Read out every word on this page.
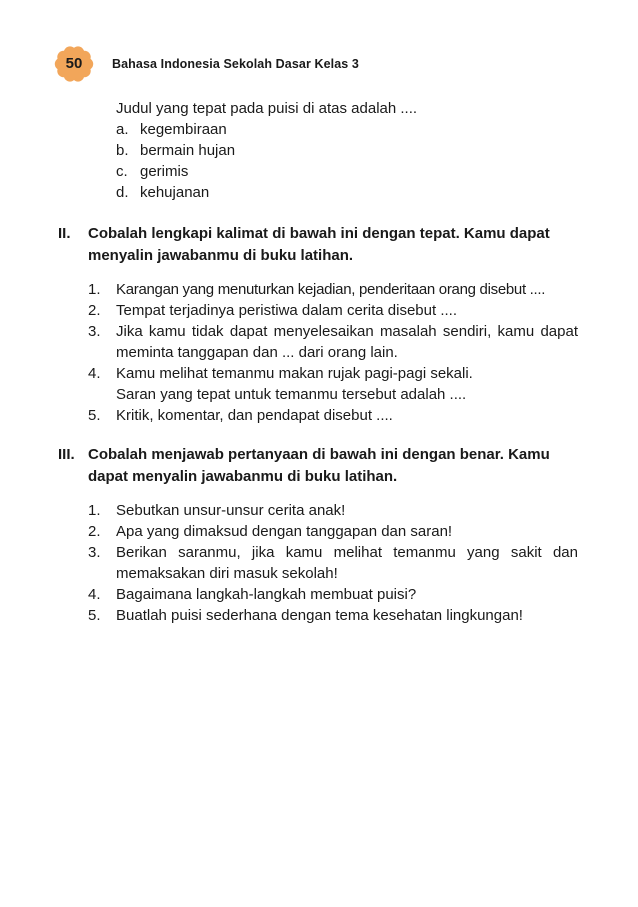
50	Bahasa Indonesia Sekolah Dasar Kelas 3
Judul yang tepat pada puisi di atas adalah ....
a. kegembiraan
b. bermain hujan
c. gerimis
d. kehujanan
II.	Cobalah lengkapi kalimat di bawah ini dengan tepat. Kamu dapat menyalin jawabanmu di buku latihan.
1.	Karangan yang menuturkan kejadian, penderitaan orang disebut ....
2.	Tempat terjadinya peristiwa dalam cerita disebut ....
3.	Jika kamu tidak dapat menyelesaikan masalah sendiri, kamu dapat meminta tanggapan dan ... dari orang lain.
4.	Kamu melihat temanmu makan rujak pagi-pagi sekali.
Saran yang tepat untuk temanmu tersebut adalah ....
5.	Kritik, komentar, dan pendapat disebut ....
III. Cobalah menjawab pertanyaan di bawah ini dengan benar. Kamu dapat menyalin jawabanmu di buku latihan.
1.	Sebutkan unsur-unsur cerita anak!
2.	Apa yang dimaksud dengan tanggapan dan saran!
3.	Berikan saranmu, jika kamu melihat temanmu yang sakit dan memaksakan diri masuk sekolah!
4.	Bagaimana langkah-langkah membuat puisi?
5.	Buatlah puisi sederhana dengan tema kesehatan lingkungan!
